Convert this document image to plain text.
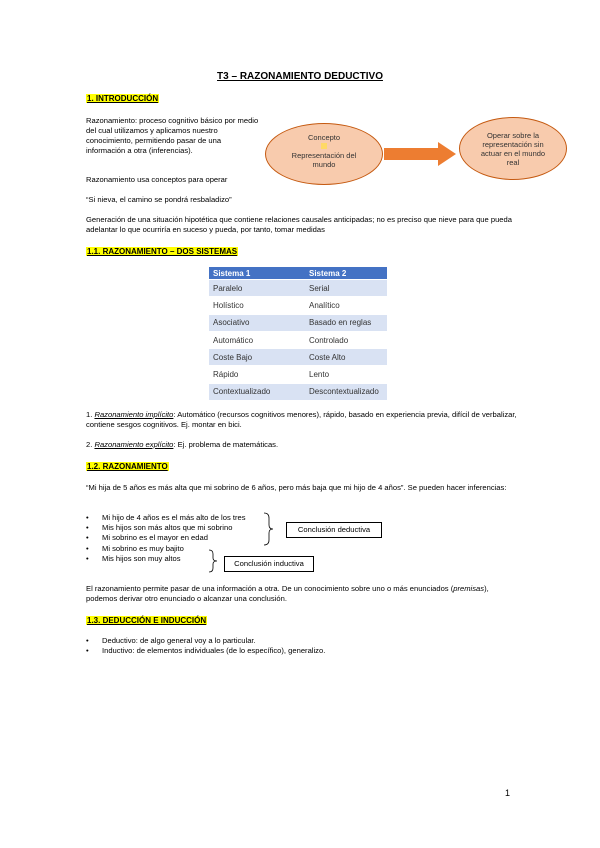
T3 – RAZONAMIENTO DEDUCTIVO
1. INTRODUCCIÓN
Razonamiento: proceso cognitivo básico por medio del cual utilizamos y aplicamos nuestro conocimiento, permitiendo pasar de una información a otra (inferencias).
Razonamiento usa conceptos para operar
“Si nieva, el camino se pondrá resbaladizo”
Concepto
Representación del mundo
Operar sobre la representación sin actuar en el mundo real
Generación de una situación hipotética que contiene relaciones causales anticipadas; no es preciso que nieve para que pueda adelantar lo que ocurriría en suceso y pueda, por tanto, tomar medidas
1.1. RAZONAMIENTO – DOS SISTEMAS
Sistema 1	Sistema 2
Paralelo	Serial
Holístico	Analítico
Asociativo	Basado en reglas
Automático	Controlado
Coste Bajo	Coste Alto
Rápido	Lento
Contextualizado	Descontextualizado
1. Razonamiento implícito: Automático (recursos cognitivos menores), rápido, basado en experiencia previa, difícil de verbalizar, contiene sesgos cognitivos. Ej. montar en bici.
2. Razonamiento explícito: Ej. problema de matemáticas.
1.2. RAZONAMIENTO
“Mi hija de 5 años es más alta que mi sobrino de 6 años, pero más baja que mi hijo de 4 años”. Se pueden hacer inferencias:
• Mi hijo de 4 años es el más alto de los tres
• Mis hijos son más altos que mi sobrino
• Mi sobrino es el mayor en edad
• Mi sobrino es muy bajito
• Mis hijos son muy altos
Conclusión deductiva
Conclusión inductiva
El razonamiento permite pasar de una información a otra. De un conocimiento sobre uno o más enunciados (premisas), podemos derivar otro enunciado o alcanzar una conclusión.
1.3. DEDUCCIÓN E INDUCCIÓN
• Deductivo: de algo general voy a lo particular.
• Inductivo: de elementos individuales (de lo específico), generalizo.
1
